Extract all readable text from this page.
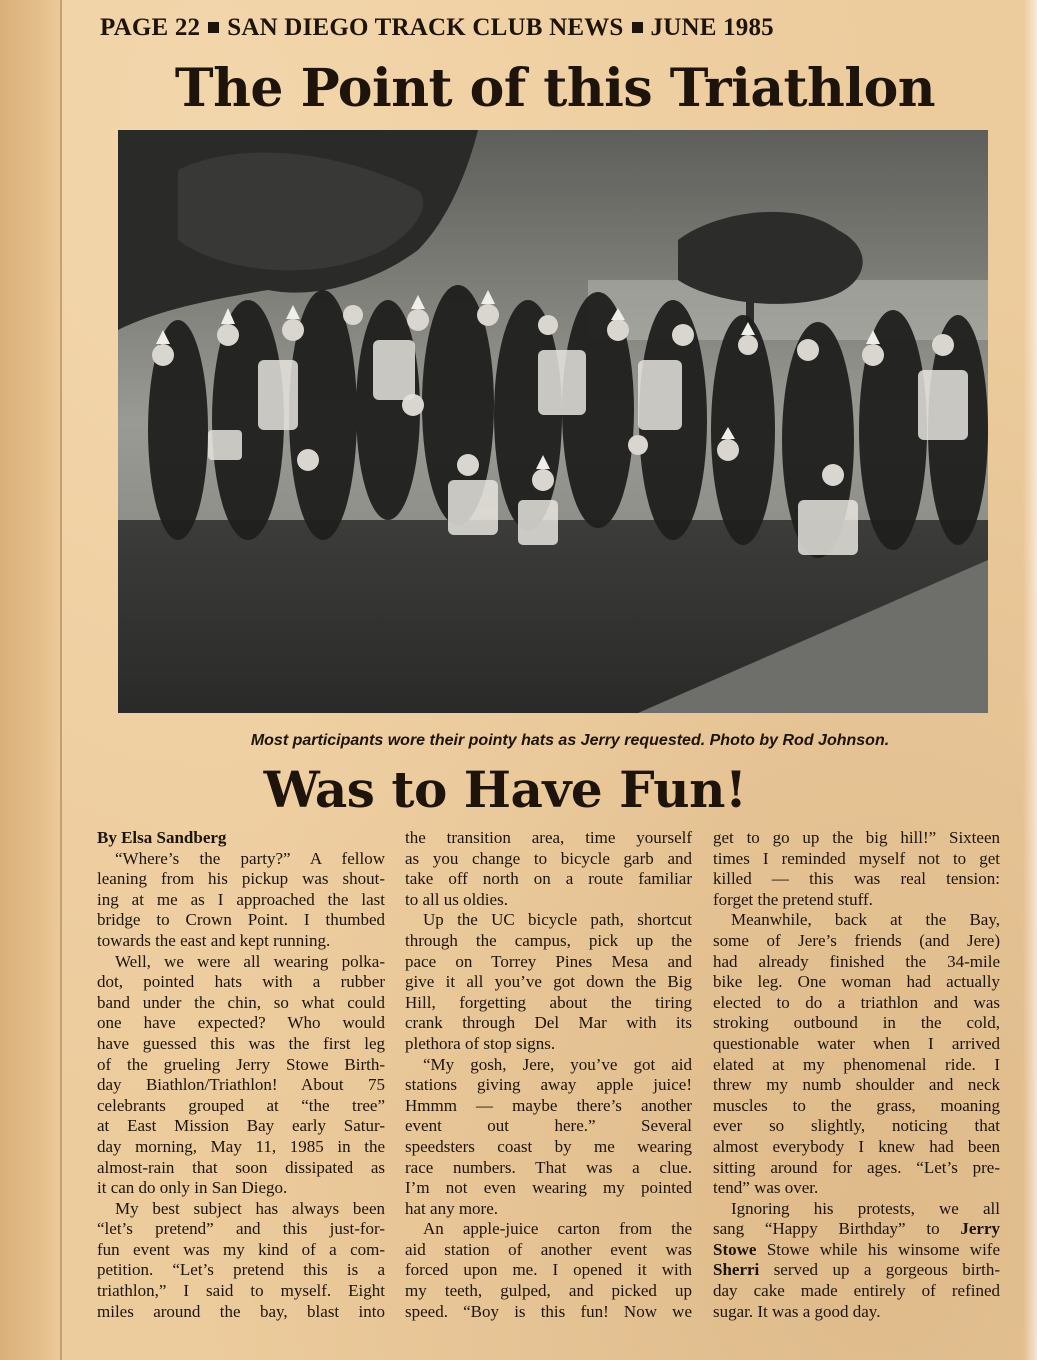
PAGE 22 SAN DIEGO TRACK CLUB NEWS JUNE 1985
The Point of this Triathlon
Most participants wore their pointy hats as Jerry requested. Photo by Rod Johnson.
Was to Have Fun!
By Elsa Sandberg
“Where’s the party?” A fellow
leaning from his pickup was shout-
ing at me as I approached the last
bridge to Crown Point. I thumbed
towards the east and kept running.
Well, we were all wearing polka-
dot, pointed hats with a rubber
band under the chin, so what could
one have expected? Who would
have guessed this was the first leg
of the grueling Jerry Stowe Birth-
day Biathlon/Triathlon! About 75
celebrants grouped at “the tree”
at East Mission Bay early Satur-
day morning, May 11, 1985 in the
almost-rain that soon dissipated as
it can do only in San Diego.
My best subject has always been
“let’s pretend” and this just-for-
fun event was my kind of a com-
petition. “Let’s pretend this is a
triathlon,” I said to myself. Eight
miles around the bay, blast into
the transition area, time yourself
as you change to bicycle garb and
take off north on a route familiar
to all us oldies.
Up the UC bicycle path, shortcut
through the campus, pick up the
pace on Torrey Pines Mesa and
give it all you’ve got down the Big
Hill, forgetting about the tiring
crank through Del Mar with its
plethora of stop signs.
“My gosh, Jere, you’ve got aid
stations giving away apple juice!
Hmmm — maybe there’s another
event out here.” Several
speedsters coast by me wearing
race numbers. That was a clue.
I’m not even wearing my pointed
hat any more.
An apple-juice carton from the
aid station of another event was
forced upon me. I opened it with
my teeth, gulped, and picked up
speed. “Boy is this fun! Now we
get to go up the big hill!” Sixteen
times I reminded myself not to get
killed — this was real tension:
forget the pretend stuff.
Meanwhile, back at the Bay,
some of Jere’s friends (and Jere)
had already finished the 34-mile
bike leg. One woman had actually
elected to do a triathlon and was
stroking outbound in the cold,
questionable water when I arrived
elated at my phenomenal ride. I
threw my numb shoulder and neck
muscles to the grass, moaning
ever so slightly, noticing that
almost everybody I knew had been
sitting around for ages. “Let’s pre-
tend” was over.
Ignoring his protests, we all
sang “Happy Birthday” to Jerry
Stowe Stowe while his winsome wife
Sherri served up a gorgeous birth-
day cake made entirely of refined
sugar. It was a good day.
